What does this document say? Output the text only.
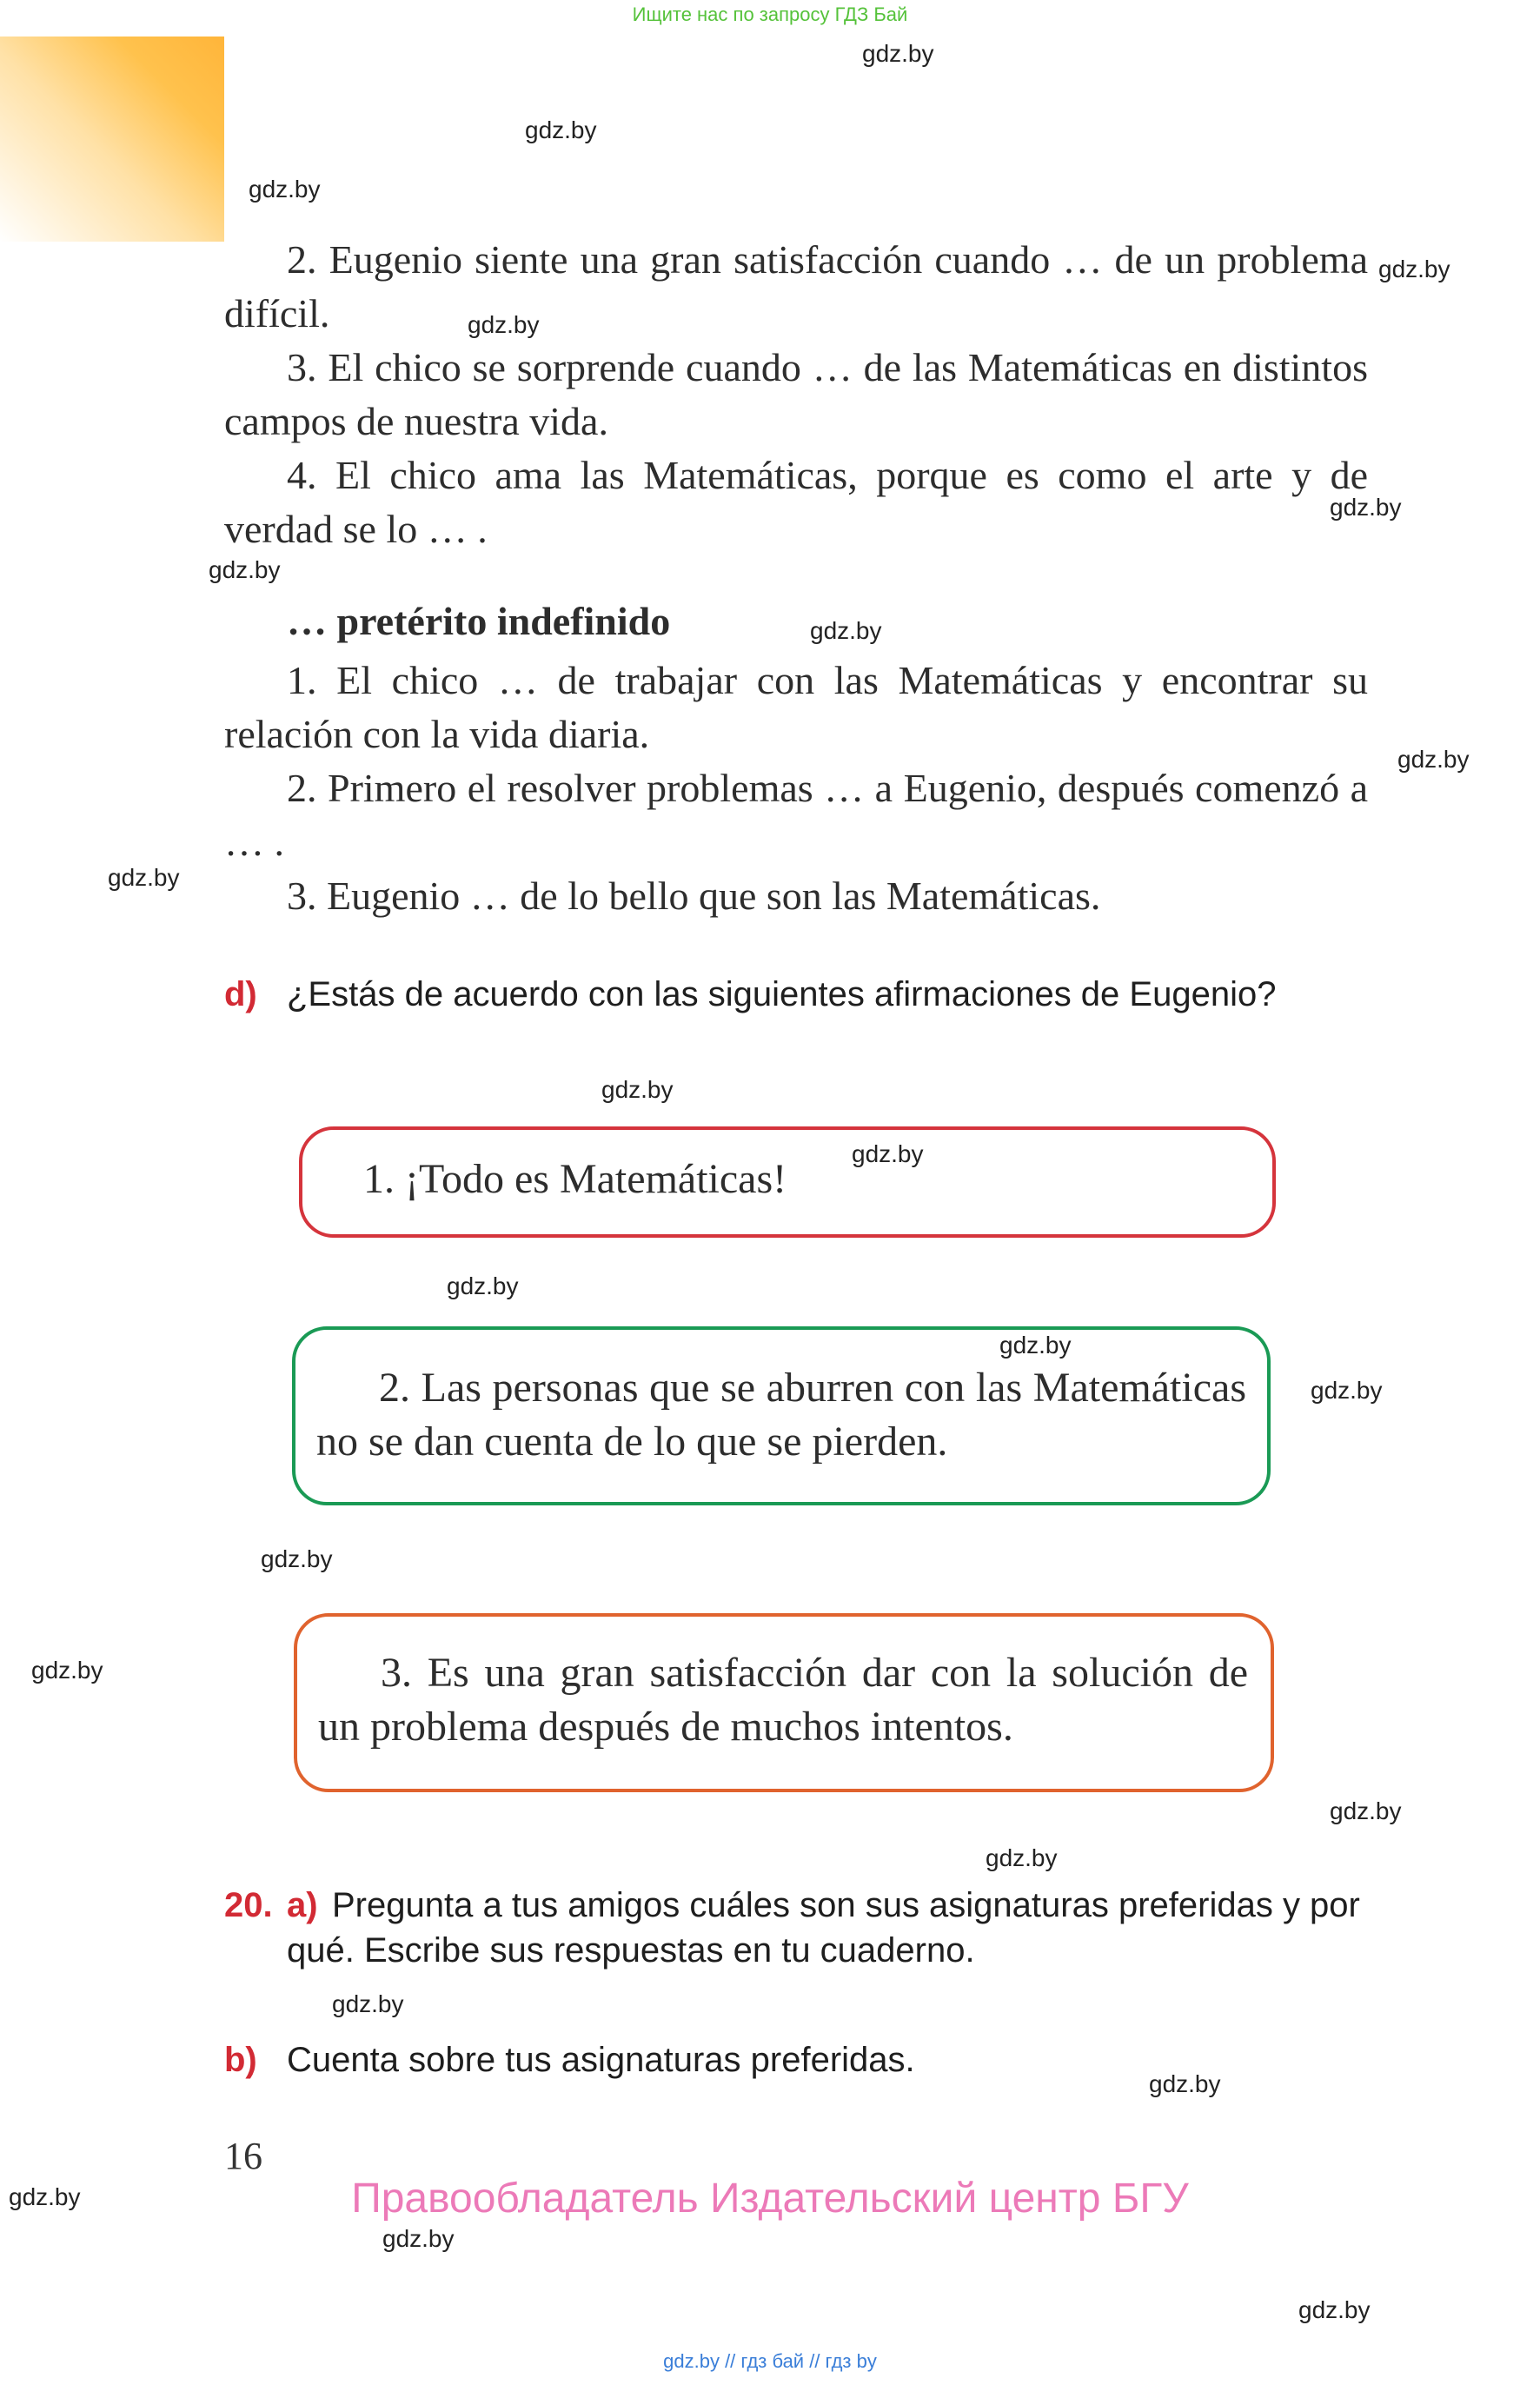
Ищите нас по запросу ГДЗ Бай
2. Eugenio siente una gran satisfacción cuando … de un problema difícil.
3. El chico se sorprende cuando … de las Matemáticas en distintos campos de nuestra vida.
4. El chico ama las Matemáticas, porque es como el arte y de verdad se lo … .
… pretérito indefinido
1. El chico … de trabajar con las Matemáticas y encontrar su relación con la vida diaria.
2. Primero el resolver problemas … a Eugenio, después comenzó a … .
3. Eugenio … de lo bello que son las Matemáticas.
d) ¿Estás de acuerdo con las siguientes afirmaciones de Eugenio?
1. ¡Todo es Matemáticas!
2. Las personas que se aburren con las Matemáticas no se dan cuenta de lo que se pierden.
3. Es una gran satisfacción dar con la solución de un problema después de muchos intentos.
20. a) Pregunta a tus amigos cuáles son sus asignaturas preferidas y por qué. Escribe sus respuestas en tu cuaderno.
b) Cuenta sobre tus asignaturas preferidas.
16
Правообладатель Издательский центр БГУ
gdz.by // гдз бай // гдз by
gdz.by
gdz.by
gdz.by
gdz.by
gdz.by
gdz.by
gdz.by
gdz.by
gdz.by
gdz.by
gdz.by
gdz.by
gdz.by
gdz.by
gdz.by
gdz.by
gdz.by
gdz.by
gdz.by
gdz.by
gdz.by
gdz.by
gdz.by
gdz.by
